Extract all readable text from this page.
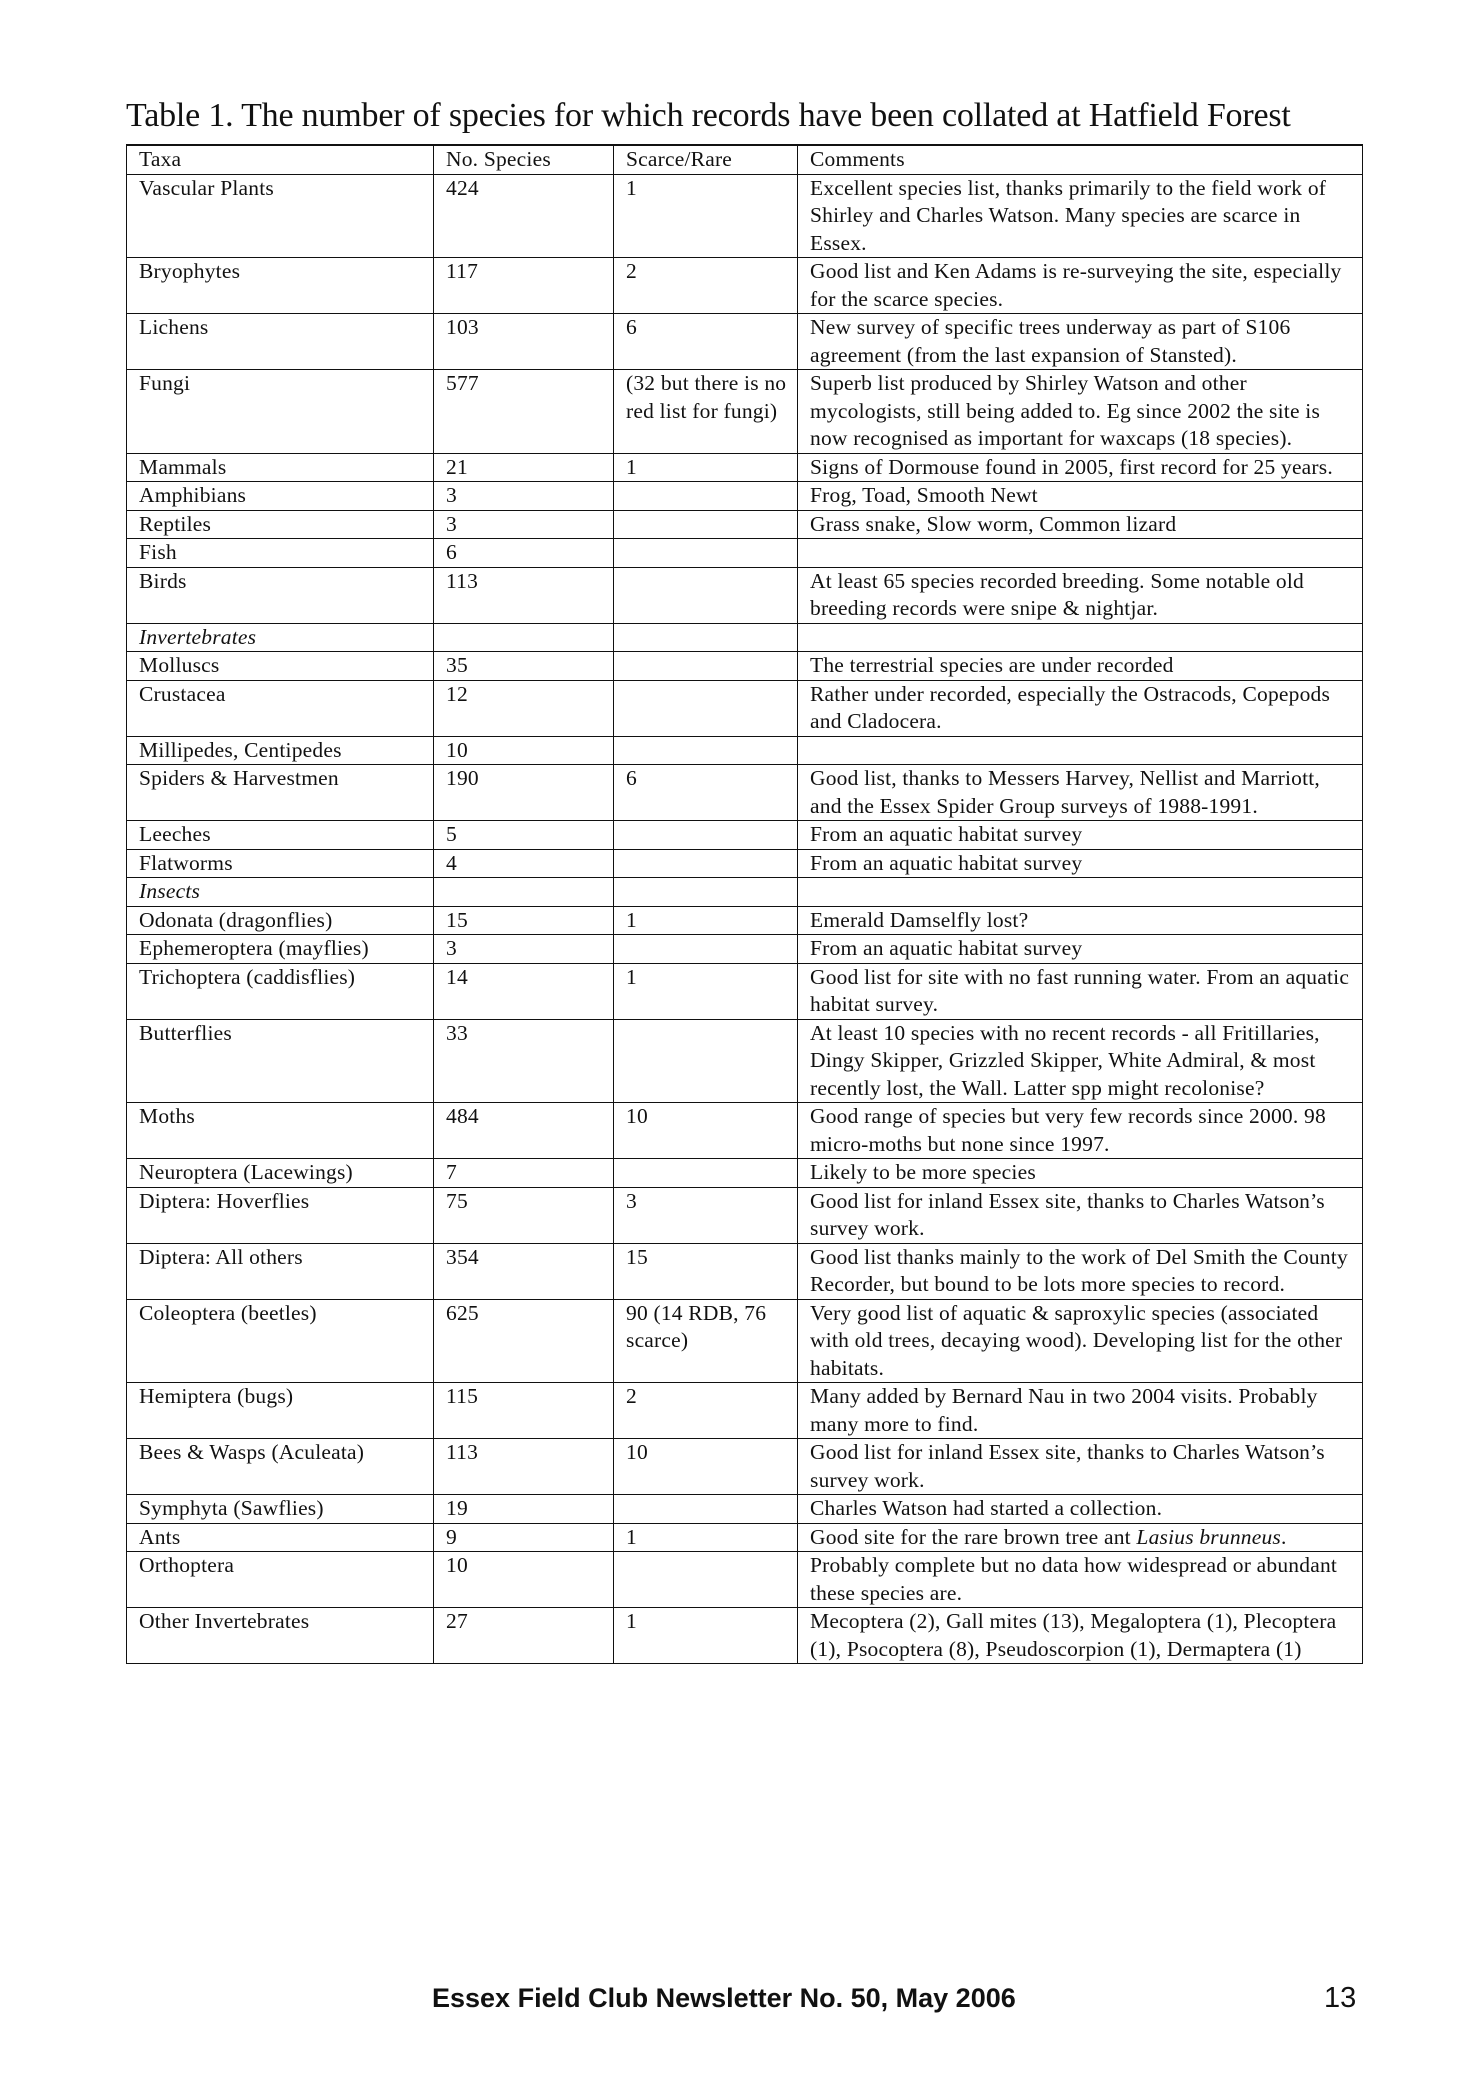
Table 1. The number of species for which records have been collated at Hatfield Forest
Taxa	No. Species	Scarce/Rare	Comments
Vascular Plants	424	1	Excellent species list, thanks primarily to the field work of Shirley and Charles Watson. Many species are scarce in Essex.
Bryophytes	117	2	Good list and Ken Adams is re-surveying the site, especially for the scarce species.
Lichens	103	6	New survey of specific trees underway as part of S106 agreement (from the last expansion of Stansted).
Fungi	577	(32 but there is no red list for fungi)	Superb list produced by Shirley Watson and other mycologists, still being added to. Eg since 2002 the site is now recognised as important for waxcaps (18 species).
Mammals	21	1	Signs of Dormouse found in 2005, first record for 25 years.
Amphibians	3		Frog, Toad, Smooth Newt
Reptiles	3		Grass snake, Slow worm, Common lizard
Fish	6		
Birds	113		At least 65 species recorded breeding. Some notable old breeding records were snipe & nightjar.
Invertebrates			
Molluscs	35		The terrestrial species are under recorded
Crustacea	12		Rather under recorded, especially the Ostracods, Copepods and Cladocera.
Millipedes, Centipedes	10		
Spiders & Harvestmen	190	6	Good list, thanks to Messers Harvey, Nellist and Marriott, and the Essex Spider Group surveys of 1988-1991.
Leeches	5		From an aquatic habitat survey
Flatworms	4		From an aquatic habitat survey
Insects			
Odonata (dragonflies)	15	1	Emerald Damselfly lost?
Ephemeroptera (mayflies)	3		From an aquatic habitat survey
Trichoptera (caddisflies)	14	1	Good list for site with no fast running water. From an aquatic habitat survey.
Butterflies	33		At least 10 species with no recent records - all Fritillaries, Dingy Skipper, Grizzled Skipper, White Admiral, & most recently lost, the Wall. Latter spp might recolonise?
Moths	484	10	Good range of species but very few records since 2000. 98 micro-moths but none since 1997.
Neuroptera (Lacewings)	7		Likely to be more species
Diptera: Hoverflies	75	3	Good list for inland Essex site, thanks to Charles Watson’s survey work.
Diptera: All others	354	15	Good list thanks mainly to the work of Del Smith the County Recorder, but bound to be lots more species to record.
Coleoptera (beetles)	625	90 (14 RDB, 76 scarce)	Very good list of aquatic & saproxylic species (associated with old trees, decaying wood). Developing list for the other habitats.
Hemiptera (bugs)	115	2	Many added by Bernard Nau in two 2004 visits. Probably many more to find.
Bees & Wasps (Aculeata)	113	10	Good list for inland Essex site, thanks to Charles Watson’s survey work.
Symphyta (Sawflies)	19		Charles Watson had started a collection.
Ants	9	1	Good site for the rare brown tree ant Lasius brunneus.
Orthoptera	10		Probably complete but no data how widespread or abundant these species are.
Other Invertebrates	27	1	Mecoptera (2), Gall mites (13), Megaloptera (1), Plecoptera (1), Psocoptera (8), Pseudoscorpion (1), Dermaptera (1)
Essex Field Club Newsletter No. 50, May 2006	13
